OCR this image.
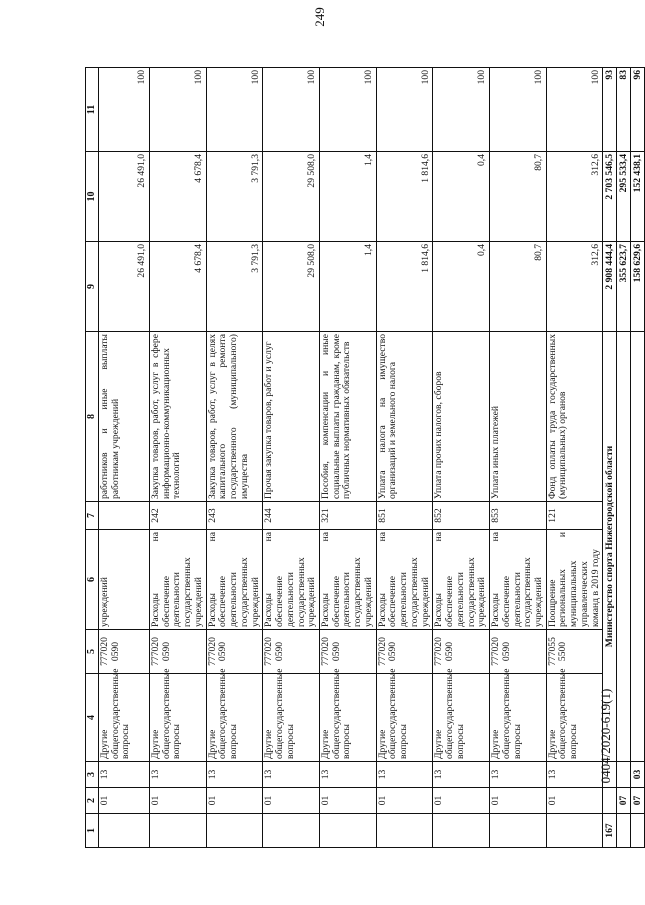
249
0404/2020-619(1)
1	2	3	4	5	6	7	8	9	10	11
	01	13	Другие общегосударственные вопросы	777020 0590	учреждений		работников и иные выплаты работникам учреждений	26 491,0	26 491,0	100
	01	13	Другие общегосударственные вопросы	777020 0590	Расходы на обеспечение деятельности государственных учреждений	242	Закупка товаров, работ, услуг в сфере информационно-коммуникационных технологий	4 678,4	4 678,4	100
	01	13	Другие общегосударственные вопросы	777020 0590	Расходы на обеспечение деятельности государственных учреждений	243	Закупка товаров, работ, услуг в целях капитального ремонта государственного (муниципального) имущества	3 791,3	3 791,3	100
	01	13	Другие общегосударственные вопросы	777020 0590	Расходы на обеспечение деятельности государственных учреждений	244	Прочая закупка товаров, работ и услуг	29 508,0	29 508,0	100
	01	13	Другие общегосударственные вопросы	777020 0590	Расходы на обеспечение деятельности государственных учреждений	321	Пособия, компенсации и иные социальные выплаты гражданам, кроме публичных нормативных обязательств	1,4	1,4	100
	01	13	Другие общегосударственные вопросы	777020 0590	Расходы на обеспечение деятельности государственных учреждений	851	Уплата налога на имущество организаций и земельного налога	1 814,6	1 814,6	100
	01	13	Другие общегосударственные вопросы	777020 0590	Расходы на обеспечение деятельности государственных учреждений	852	Уплата прочих налогов, сборов	0,4	0,4	100
	01	13	Другие общегосударственные вопросы	777020 0590	Расходы на обеспечение деятельности государственных учреждений	853	Уплата иных платежей	80,7	80,7	100
	01	13	Другие общегосударственные вопросы	777055 5500	Поощрение региональных и муниципальных управленческих команд в 2019 году	121	Фонд оплаты труда государственных (муниципальных) органов	312,6	312,6	100
167			Министерство спорта Нижегородской области					2 908 444,4	2 703 546,5	93
	07							355 623,7	295 533,4	83
	07	03						158 629,6	152 438,1	96
